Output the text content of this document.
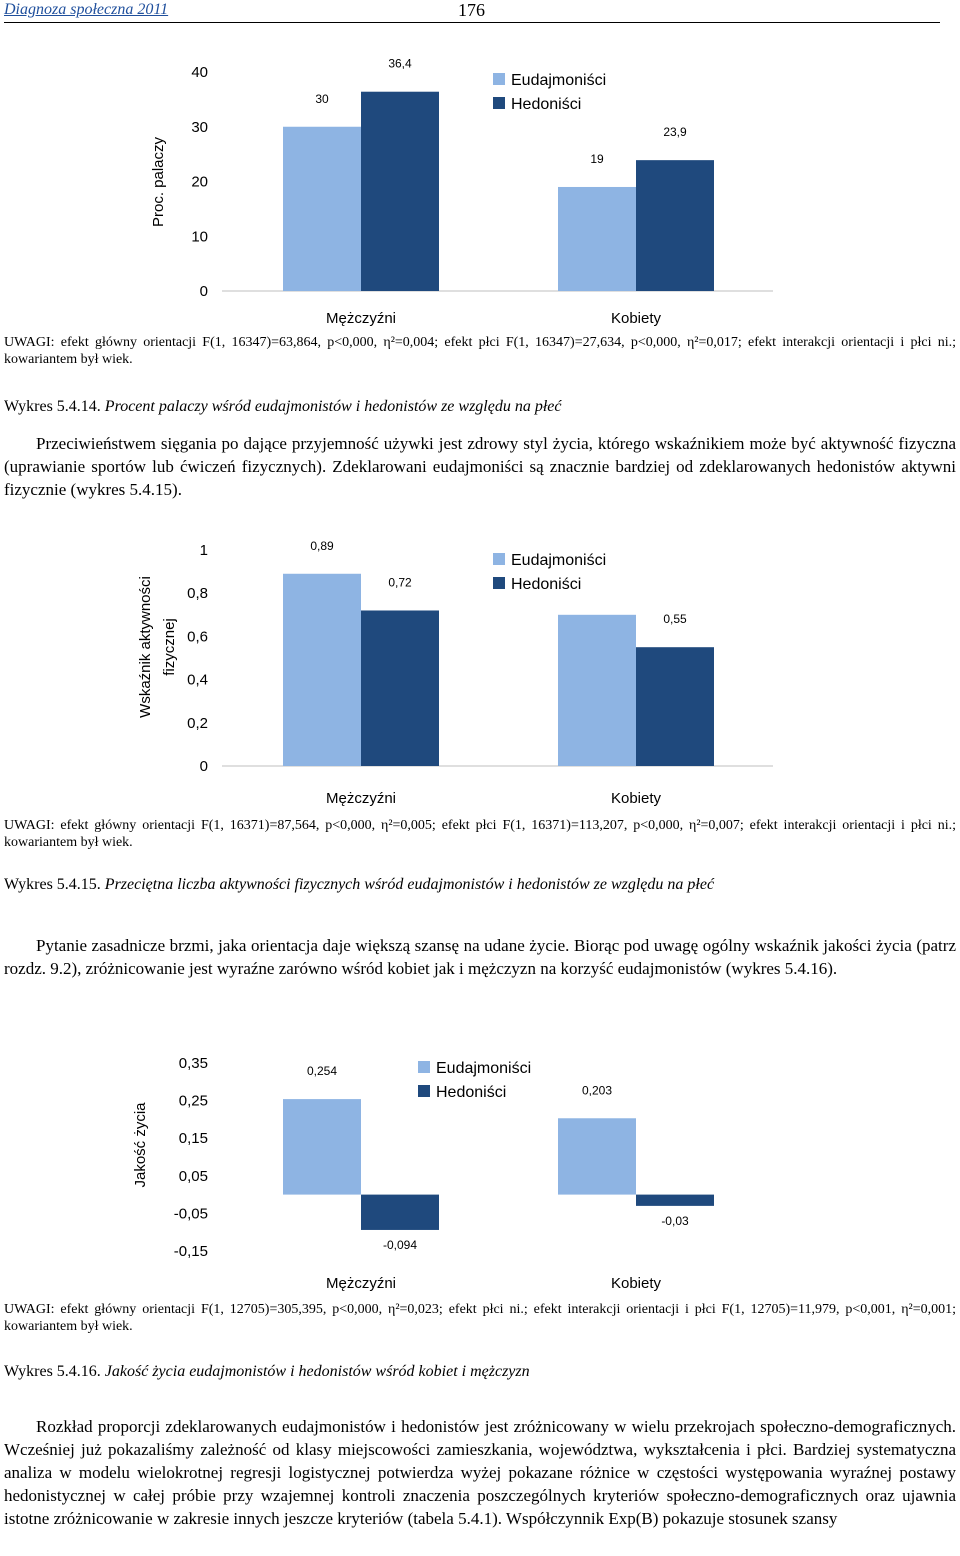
Diagnoza społeczna 2011	176
0
10
20
30
40
Proc. palaczy
30
36,4
Mężczyźni
19
23,9
Kobiety
Eudajmoniści
Hedoniści
UWAGI: efekt główny orientacji F(1, 16347)=63,864, p<0,000, η²=0,004; efekt płci F(1, 16347)=27,634, p<0,000, η²=0,017; efekt interakcji orientacji i płci ni.; kowariantem był wiek.
Wykres 5.4.14. Procent palaczy wśród eudajmonistów i hedonistów ze względu na płeć
Przeciwieństwem sięgania po dające przyjemność używki jest zdrowy styl życia, którego wskaźnikiem może być aktywność fizyczna (uprawianie sportów lub ćwiczeń fizycznych). Zdeklarowani eudajmoniści są znacznie bardziej od zdeklarowanych hedonistów aktywni fizycznie (wykres 5.4.15).
0
0,2
0,4
0,6
0,8
1
Wskaźnik aktywności fizycznej
0,89
0,72
Mężczyźni
0,55
Kobiety
Eudajmoniści
Hedoniści
UWAGI: efekt główny orientacji F(1, 16371)=87,564, p<0,000, η²=0,005; efekt płci F(1, 16371)=113,207, p<0,000, η²=0,007; efekt interakcji orientacji i płci ni.; kowariantem był wiek.
Wykres 5.4.15. Przeciętna liczba aktywności fizycznych wśród eudajmonistów i hedonistów ze względu na płeć
Pytanie zasadnicze brzmi, jaka orientacja daje większą szansę na udane życie. Biorąc pod uwagę ogólny wskaźnik jakości życia (patrz rozdz. 9.2), zróżnicowanie jest wyraźne zarówno wśród kobiet jak i mężczyzn na korzyść eudajmonistów (wykres 5.4.16).
-0,15
-0,05
0,05
0,15
0,25
0,35
Jakość życia
0,254
-0,094
Mężczyźni
0,203
-0,03
Kobiety
Eudajmoniści
Hedoniści
UWAGI: efekt główny orientacji F(1, 12705)=305,395, p<0,000, η²=0,023; efekt płci ni.; efekt interakcji orientacji i płci F(1, 12705)=11,979, p<0,001, η²=0,001; kowariantem był wiek.
Wykres 5.4.16. Jakość życia eudajmonistów i hedonistów wśród kobiet i mężczyzn
Rozkład proporcji zdeklarowanych eudajmonistów i hedonistów jest zróżnicowany w wielu przekrojach społeczno-demograficznych. Wcześniej już pokazaliśmy zależność od klasy miejscowości zamieszkania, województwa, wykształcenia i płci. Bardziej systematyczna analiza w modelu wielokrotnej regresji logistycznej potwierdza wyżej pokazane różnice w częstości występowania wyraźnej postawy hedonistycznej w całej próbie przy wzajemnej kontroli znaczenia poszczególnych kryteriów społeczno-demograficznych oraz ujawnia istotne zróżnicowanie w zakresie innych jeszcze kryteriów (tabela 5.4.1). Współczynnik Exp(B) pokazuje stosunek szansy
